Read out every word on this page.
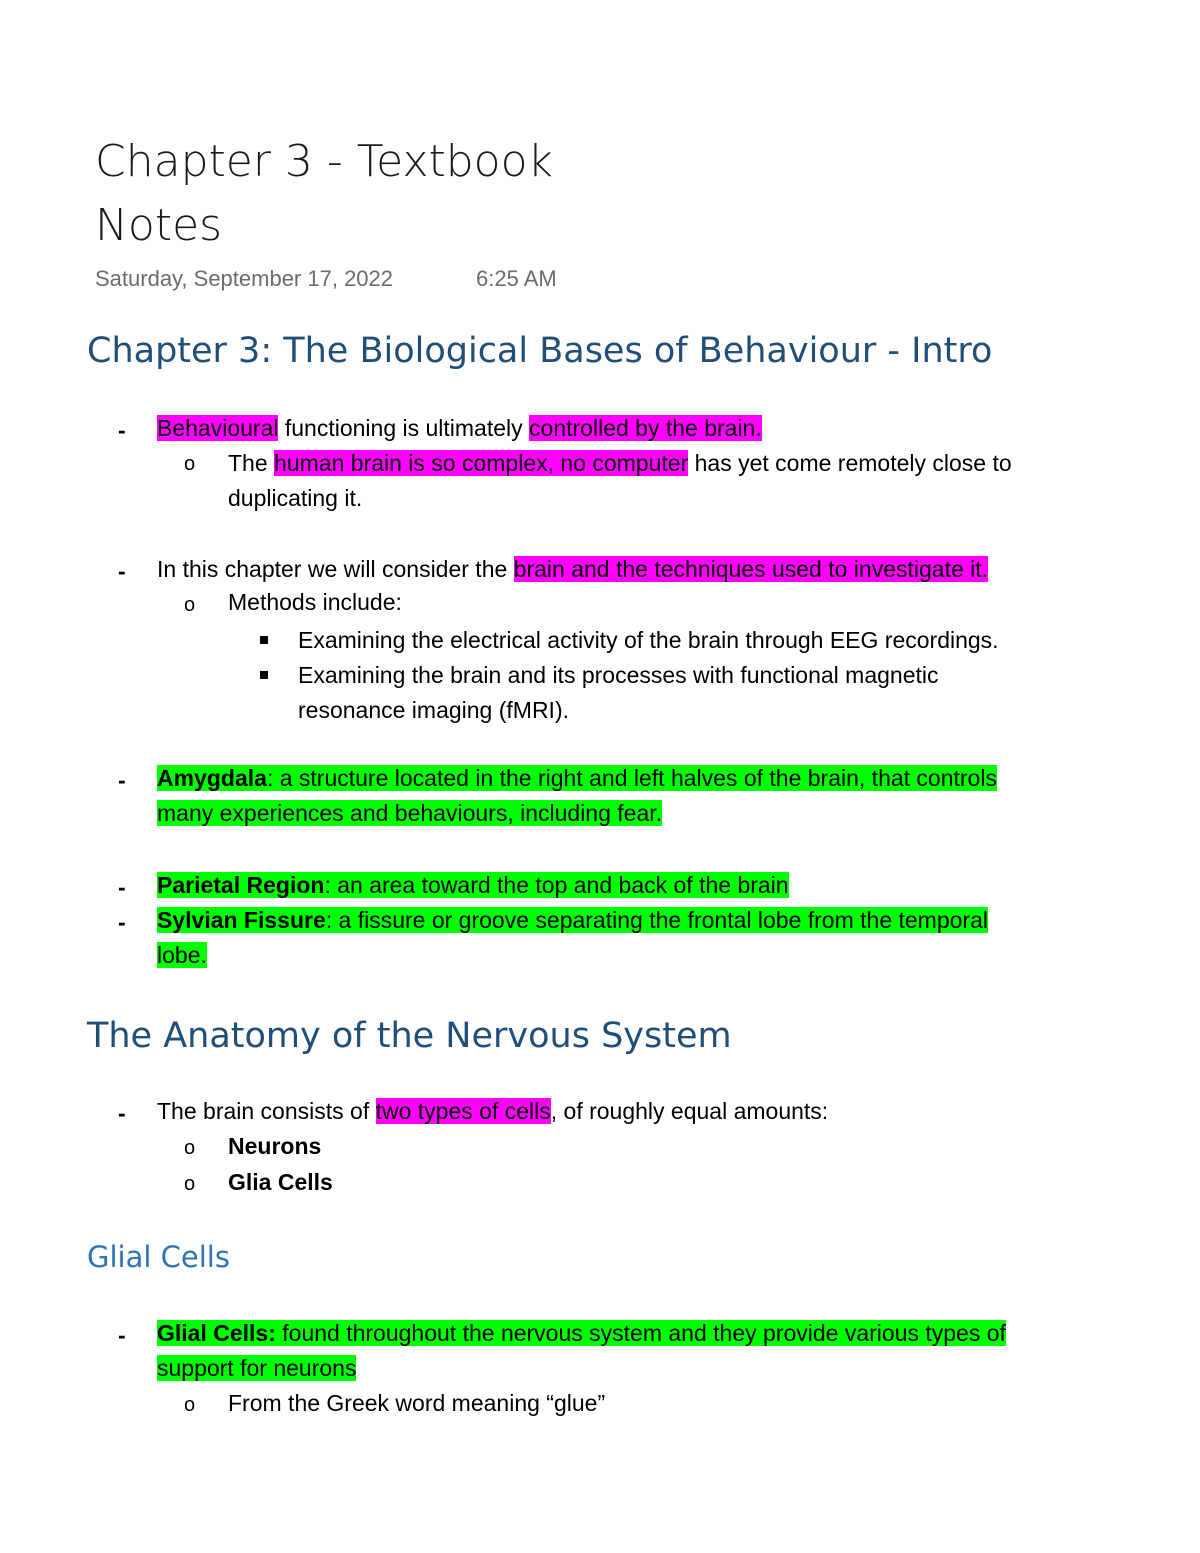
Chapter 3 - Textbook
Notes
Saturday, September 17, 2022	6:25 AM
Chapter 3: The Biological Bases of Behaviour - Intro
- Behavioural functioning is ultimately controlled by the brain.
o The human brain is so complex, no computer has yet come remotely close to
duplicating it.
- In this chapter we will consider the brain and the techniques used to investigate it.
o Methods include:
Examining the electrical activity of the brain through EEG recordings.
Examining the brain and its processes with functional magnetic
resonance imaging (fMRI).
- Amygdala: a structure located in the right and left halves of the brain, that controls
many experiences and behaviours, including fear.
- Parietal Region: an area toward the top and back of the brain
- Sylvian Fissure: a fissure or groove separating the frontal lobe from the temporal
lobe.
The Anatomy of the Nervous System
- The brain consists of two types of cells, of roughly equal amounts:
o Neurons
o Glia Cells
Glial Cells
- Glial Cells: found throughout the nervous system and they provide various types of
support for neurons
o From the Greek word meaning “glue”
